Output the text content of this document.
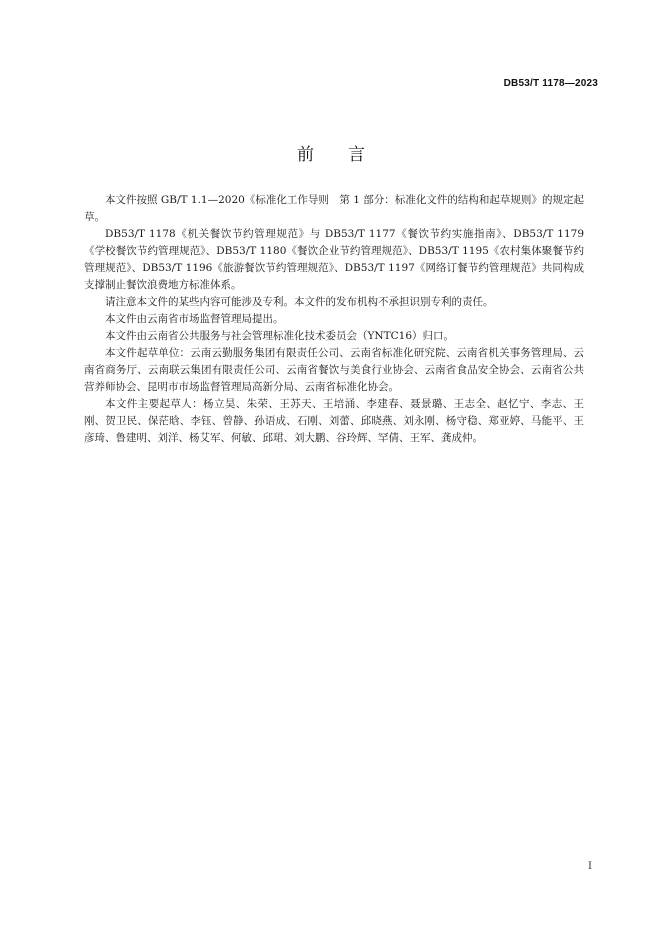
DB53/T 1178—2023
前　　言

本文件按照 GB/T 1.1—2020《标准化工作导则　第 1 部分：标准化文件的结构和起草规则》的规定起草。

DB53/T 1178《机关餐饮节约管理规范》与 DB53/T 1177《餐饮节约实施指南》、DB53/T 1179《学校餐饮节约管理规范》、DB53/T 1180《餐饮企业节约管理规范》、DB53/T 1195《农村集体聚餐节约管理规范》、DB53/T 1196《旅游餐饮节约管理规范》、DB53/T 1197《网络订餐节约管理规范》共同构成支撑制止餐饮浪费地方标准体系。

请注意本文件的某些内容可能涉及专利。本文件的发布机构不承担识别专利的责任。

本文件由云南省市场监督管理局提出。

本文件由云南省公共服务与社会管理标准化技术委员会（YNTC16）归口。

本文件起草单位：云南云勤服务集团有限责任公司、云南省标准化研究院、云南省机关事务管理局、云南省商务厅、云南联云集团有限责任公司、云南省餐饮与美食行业协会、云南省食品安全协会、云南省公共营养师协会、昆明市市场监督管理局高新分局、云南省标准化协会。

本文件主要起草人：杨立昊、朱荣、王苏天、王培涌、李建春、聂景璐、王志全、赵忆宁、李志、王刚、贺卫民、保茫晗、李钰、曾静、孙语成、石刚、刘蕾、邱晓燕、刘永刚、杨守稳、郑亚婷、马能平、王彦琦、鲁建明、刘洋、杨艾军、何敏、邱珺、刘大鹏、谷玲辉、罕倩、王军、龚成仲。

I
